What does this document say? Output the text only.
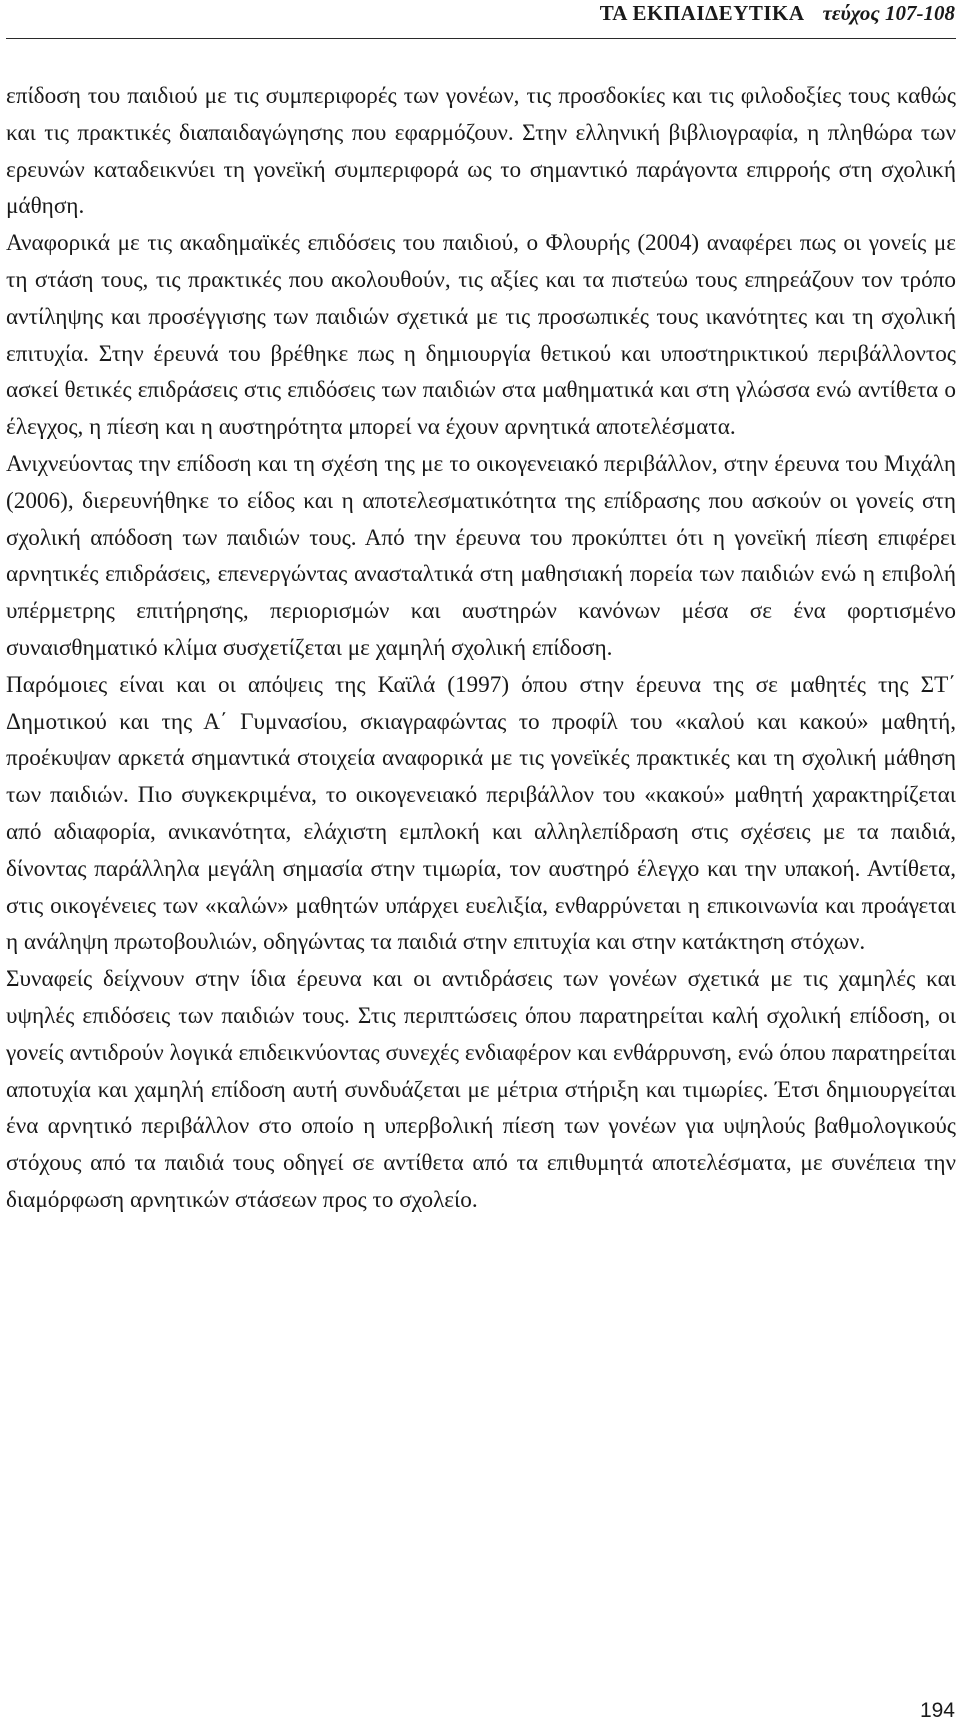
ΤΑ ΕΚΠΑΙΔΕΥΤΙΚΑ τεύχος 107-108

επίδοση του παιδιού με τις συμπεριφορές των γονέων, τις προσδοκίες και τις φιλοδοξίες τους καθώς και τις πρακτικές διαπαιδαγώγησης που εφαρμόζουν. Στην ελληνική βιβλιογραφία, η πληθώρα των ερευνών καταδεικνύει τη γονεϊκή συμπεριφορά ως το σημαντικό παράγοντα επιρροής στη σχολική μάθηση.

Αναφορικά με τις ακαδημαϊκές επιδόσεις του παιδιού, ο Φλουρής (2004) αναφέρει πως οι γονείς με τη στάση τους, τις πρακτικές που ακολουθούν, τις αξίες και τα πιστεύω τους επηρεάζουν τον τρόπο αντίληψης και προσέγγισης των παιδιών σχετικά με τις προσωπικές τους ικανότητες και τη σχολική επιτυχία. Στην έρευνά του βρέθηκε πως η δημιουργία θετικού και υποστηρικτικού περιβάλλοντος ασκεί θετικές επιδράσεις στις επιδόσεις των παιδιών στα μαθηματικά και στη γλώσσα ενώ αντίθετα ο έλεγχος, η πίεση και η αυστηρότητα μπορεί να έχουν αρνητικά αποτελέσματα.

Ανιχνεύοντας την επίδοση και τη σχέση της με το οικογενειακό περιβάλλον, στην έρευνα του Μιχάλη (2006), διερευνήθηκε το είδος και η αποτελεσματικότητα της επίδρασης που ασκούν οι γονείς στη σχολική απόδοση των παιδιών τους. Από την έρευνα του προκύπτει ότι η γονεϊκή πίεση επιφέρει αρνητικές επιδράσεις, επενεργώντας ανασταλτικά στη μαθησιακή πορεία των παιδιών ενώ η επιβολή υπέρμετρης επιτήρησης, περιορισμών και αυστηρών κανόνων μέσα σε ένα φορτισμένο συναισθηματικό κλίμα συσχετίζεται με χαμηλή σχολική επίδοση.

Παρόμοιες είναι και οι απόψεις της Καϊλά (1997) όπου στην έρευνα της σε μαθητές της ΣΤ΄ Δημοτικού και της Α΄ Γυμνασίου, σκιαγραφώντας το προφίλ του «καλού και κακού» μαθητή, προέκυψαν αρκετά σημαντικά στοιχεία αναφορικά με τις γονεϊκές πρακτικές και τη σχολική μάθηση των παιδιών. Πιο συγκεκριμένα, το οικογενειακό περιβάλλον του «κακού» μαθητή χαρακτηρίζεται από αδιαφορία, ανικανότητα, ελάχιστη εμπλοκή και αλληλεπίδραση στις σχέσεις με τα παιδιά, δίνοντας παράλληλα μεγάλη σημασία στην τιμωρία, τον αυστηρό έλεγχο και την υπακοή. Αντίθετα, στις οικογένειες των «καλών» μαθητών υπάρχει ευελιξία, ενθαρρύνεται η επικοινωνία και προάγεται η ανάληψη πρωτοβουλιών, οδηγώντας τα παιδιά στην επιτυχία και στην κατάκτηση στόχων.

Συναφείς δείχνουν στην ίδια έρευνα και οι αντιδράσεις των γονέων σχετικά με τις χαμηλές και υψηλές επιδόσεις των παιδιών τους. Στις περιπτώσεις όπου παρατηρείται καλή σχολική επίδοση, οι γονείς αντιδρούν λογικά επιδεικνύοντας συνεχές ενδιαφέρον και ενθάρρυνση, ενώ όπου παρατηρείται αποτυχία και χαμηλή επίδοση αυτή συνδυάζεται με μέτρια στήριξη και τιμωρίες. Έτσι δημιουργείται ένα αρνητικό περιβάλλον στο οποίο η υπερβολική πίεση των γονέων για υψηλούς βαθμολογικούς στόχους από τα παιδιά τους οδηγεί σε αντίθετα από τα επιθυμητά αποτελέσματα, με συνέπεια την διαμόρφωση αρνητικών στάσεων προς το σχολείο.

194
